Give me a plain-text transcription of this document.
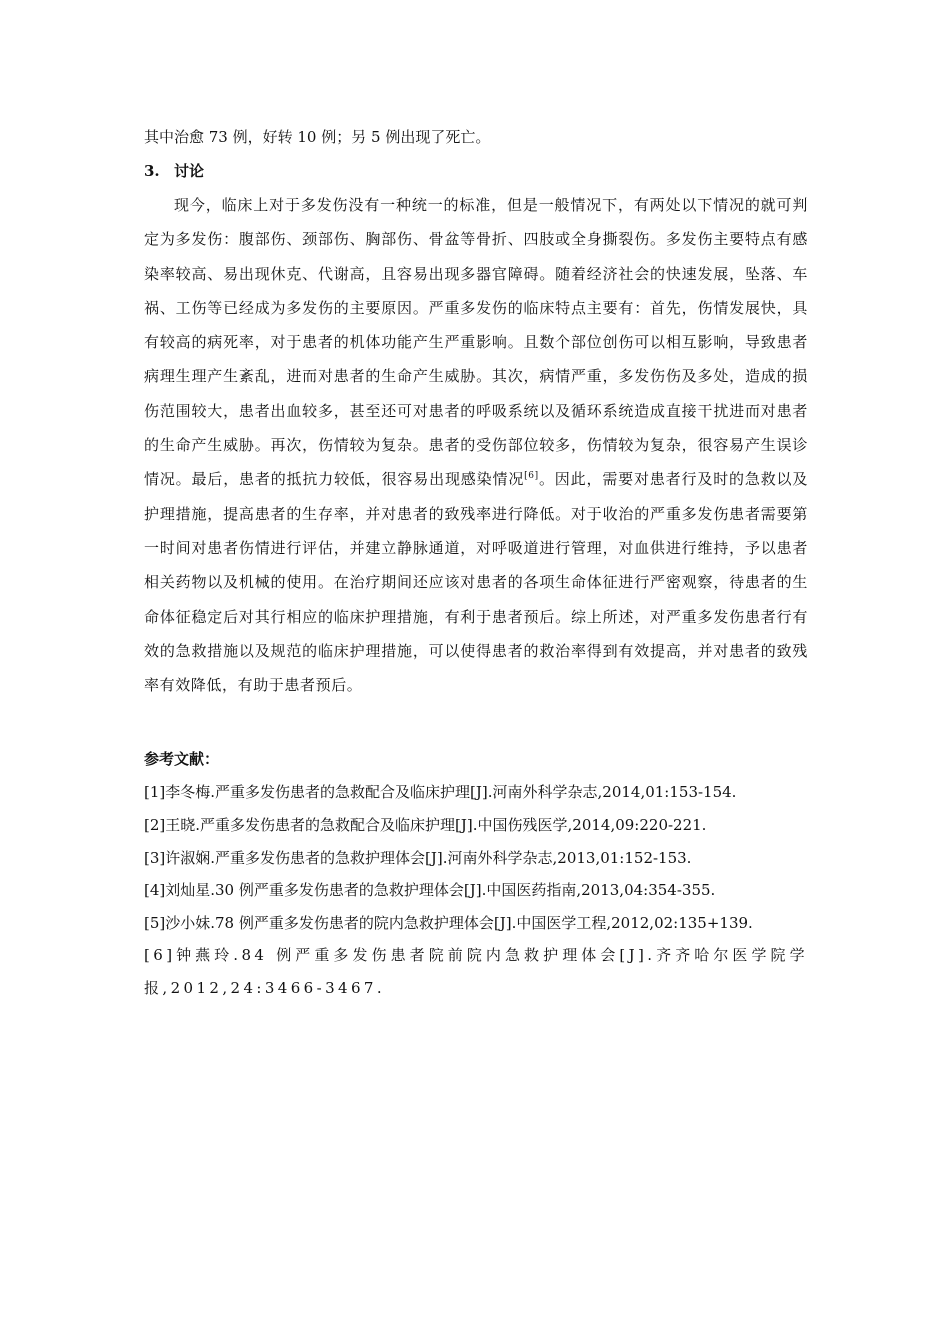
其中治愈 73 例，好转 10 例；另 5 例出现了死亡。
3. 讨论

现今，临床上对于多发伤没有一种统一的标准，但是一般情况下，有两处以下情况的就可判定为多发伤：腹部伤、颈部伤、胸部伤、骨盆等骨折、四肢或全身撕裂伤。多发伤主要特点有感染率较高、易出现休克、代谢高，且容易出现多器官障碍。随着经济社会的快速发展，坠落、车祸、工伤等已经成为多发伤的主要原因。严重多发伤的临床特点主要有：首先，伤情发展快，具有较高的病死率，对于患者的机体功能产生严重影响。且数个部位创伤可以相互影响，导致患者病理生理产生紊乱，进而对患者的生命产生威胁。其次，病情严重，多发伤伤及多处，造成的损伤范围较大，患者出血较多，甚至还可对患者的呼吸系统以及循环系统造成直接干扰进而对患者的生命产生威胁。再次，伤情较为复杂。患者的受伤部位较多，伤情较为复杂，很容易产生误诊情况。最后，患者的抵抗力较低，很容易出现感染情况[6]。因此，需要对患者行及时的急救以及护理措施，提高患者的生存率，并对患者的致残率进行降低。对于收治的严重多发伤患者需要第一时间对患者伤情进行评估，并建立静脉通道，对呼吸道进行管理，对血供进行维持，予以患者相关药物以及机械的使用。在治疗期间还应该对患者的各项生命体征进行严密观察，待患者的生命体征稳定后对其行相应的临床护理措施，有利于患者预后。综上所述，对严重多发伤患者行有效的急救措施以及规范的临床护理措施，可以使得患者的救治率得到有效提高，并对患者的致残率有效降低，有助于患者预后。

参考文献：

[1]李冬梅.严重多发伤患者的急救配合及临床护理[J].河南外科学杂志,2014,01:153-154.

[2]王晓.严重多发伤患者的急救配合及临床护理[J].中国伤残医学,2014,09:220-221.

[3]许淑娴.严重多发伤患者的急救护理体会[J].河南外科学杂志,2013,01:152-153.

[4]刘灿星.30 例严重多发伤患者的急救护理体会[J].中国医药指南,2013,04:354-355.

[5]沙小妹.78 例严重多发伤患者的院内急救护理体会[J].中国医学工程,2012,02:135+139.

[6]钟燕玲.84 例严重多发伤患者院前院内急救护理体会[J].齐齐哈尔医学院学报,2012,24:3466-3467.
